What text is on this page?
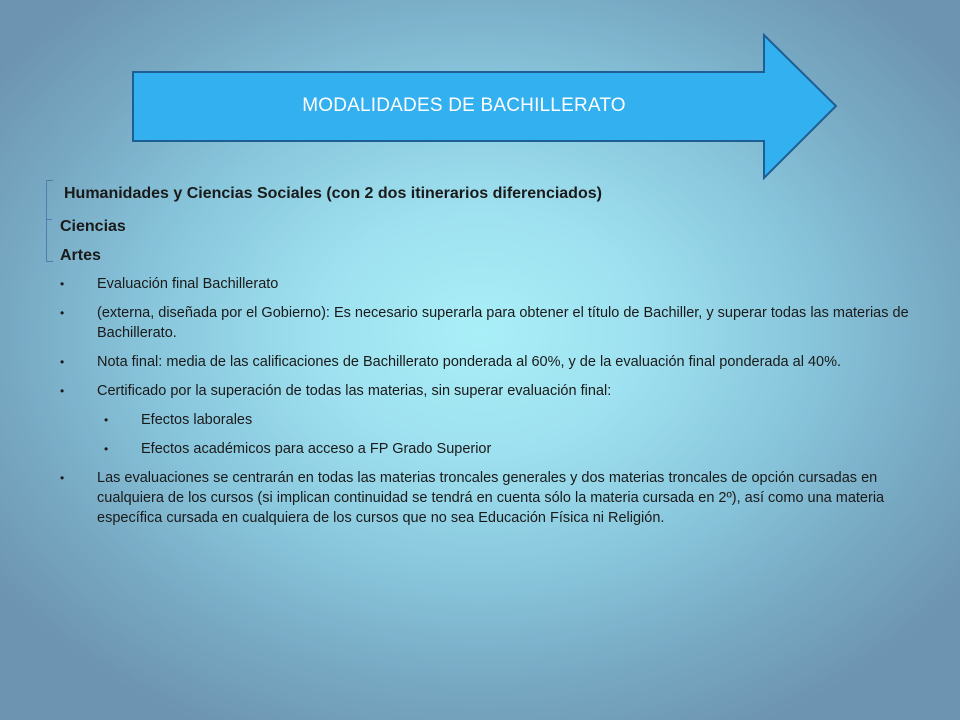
MODALIDADES DE BACHILLERATO
Humanidades y Ciencias Sociales (con 2 dos itinerarios diferenciados)
Ciencias
Artes
• Evaluación final Bachillerato
• (externa, diseñada por el Gobierno): Es necesario superarla para obtener el título de Bachiller, y superar todas las materias de Bachillerato.
• Nota final: media de las calificaciones de Bachillerato ponderada al 60%, y de la evaluación final ponderada al 40%.
• Certificado por la superación de todas las materias, sin superar evaluación final:
• Efectos laborales
• Efectos académicos para acceso a FP Grado Superior
• Las evaluaciones se centrarán en todas las materias troncales generales y dos materias troncales de opción cursadas en cualquiera de los cursos (si implican continuidad se tendrá en cuenta sólo la materia cursada en 2º), así como una materia específica cursada en cualquiera de los cursos que no sea Educación Física ni Religión.
